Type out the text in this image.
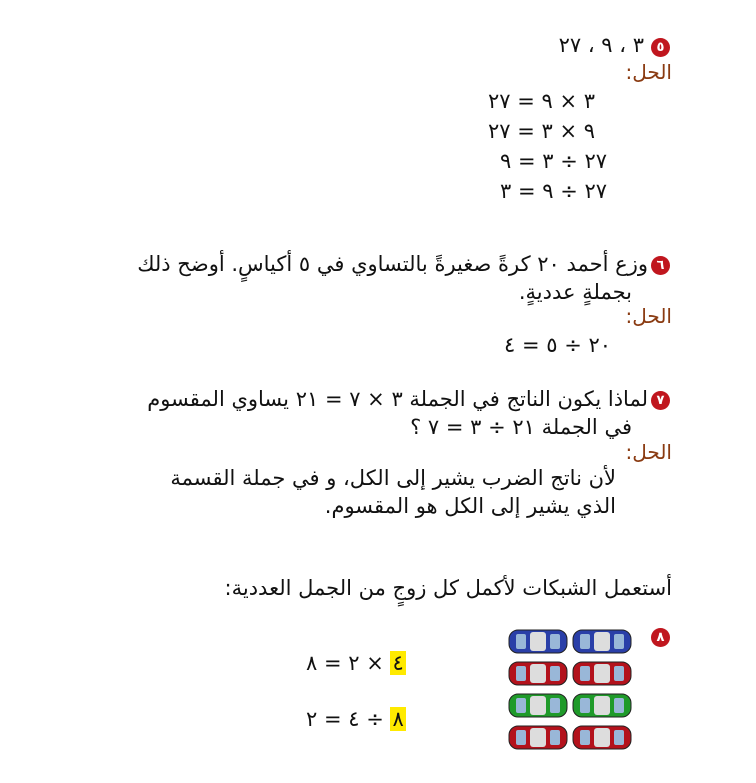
٥
٣ ، ٩ ، ٢٧
الحل:
٣ × ٩ = ٢٧
٩ × ٣ = ٢٧
٢٧ ÷ ٣ = ٩
٢٧ ÷ ٩ = ٣
٦
وزع أحمد ٢٠ كرةً صغيرةً بالتساوي في ٥ أكياسٍ. أوضح ذلك
بجملةٍ عدديةٍ.
الحل:
٢٠ ÷ ٥ = ٤
٧
لماذا يكون الناتج في الجملة ٣ × ٧ = ٢١ يساوي المقسوم
في الجملة ٢١ ÷ ٣ = ٧ ؟
الحل:
لأن ناتج الضرب يشير إلى الكل، و في جملة القسمة
الذي يشير إلى الكل هو المقسوم.
أستعمل الشبكات لأكمل كل زوجٍ من الجمل العددية:
٨
٤ × ٢ = ٨
٨ ÷ ٤ = ٢
